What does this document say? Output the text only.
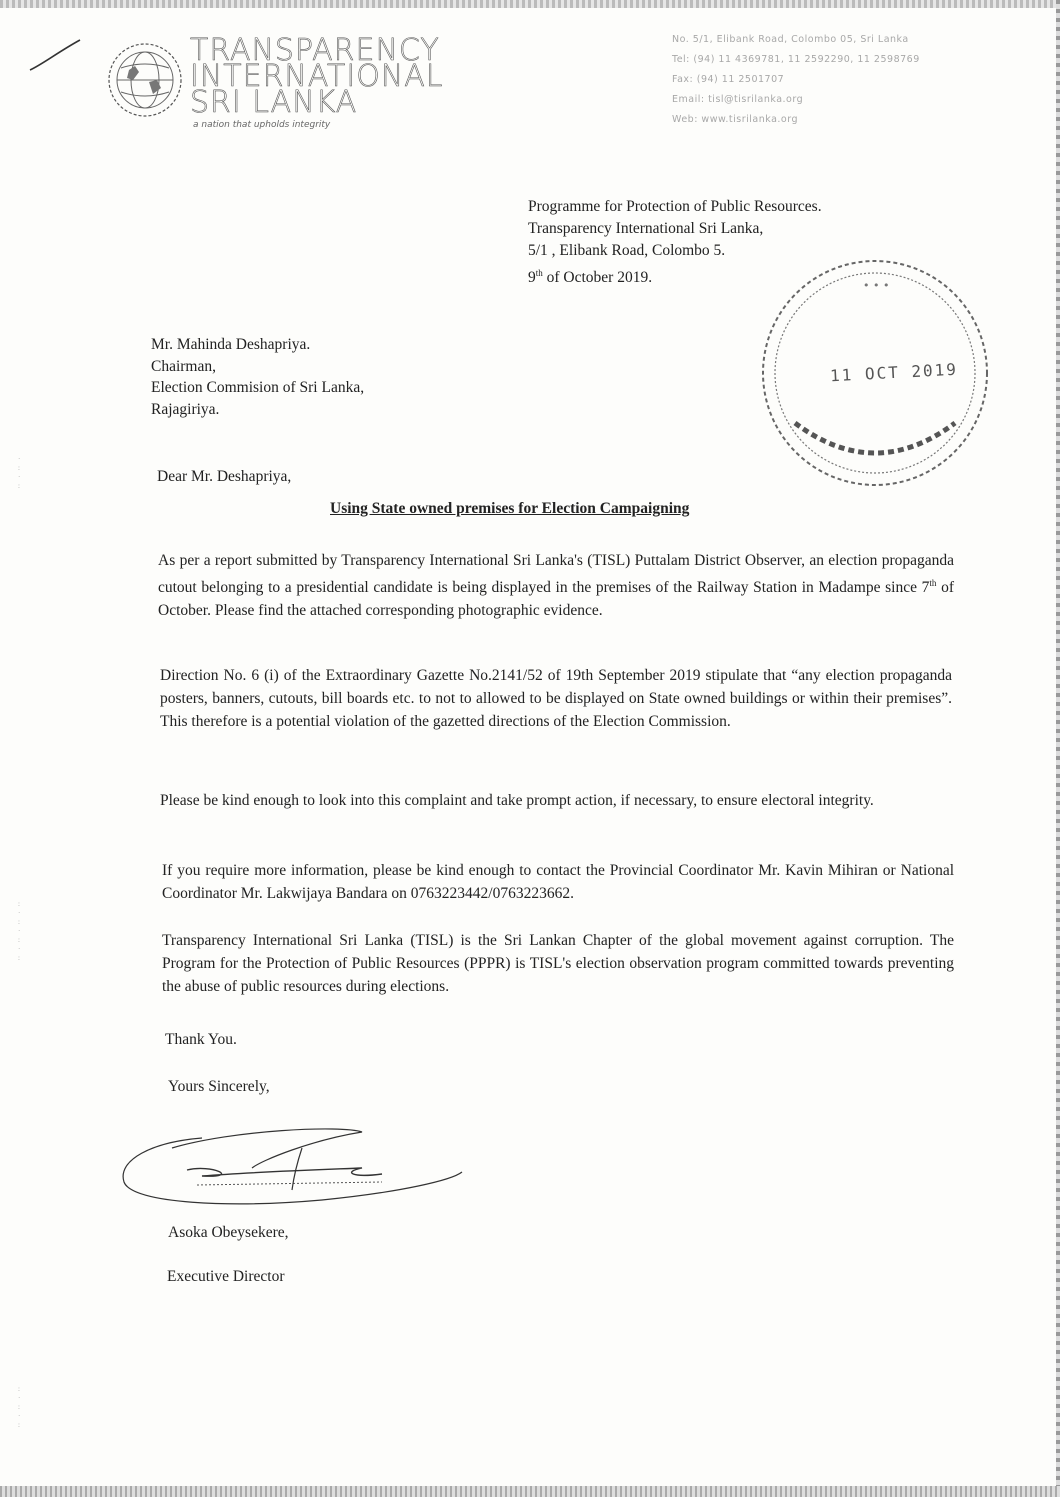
TRANSPARENCY
INTERNATIONAL
SRI LANKA
a nation that upholds integrity
No. 5/1, Elibank Road, Colombo 05, Sri Lanka
Tel: (94) 11 4369781, 11 2592290, 11 2598769
Fax: (94) 11 2501707
Email: tisl@tisrilanka.org
Web: www.tisrilanka.org
Programme for Protection of Public Resources.
Transparency International Sri Lanka,
5/1 , Elibank Road, Colombo 5.
9th of October 2019.	• • •
11 OCT 2019
Mr. Mahinda Deshapriya.
Chairman,
Election Commision of Sri Lanka,
Rajagiriya.
Dear Mr. Deshapriya,
Using State owned premises for Election Campaigning

As per a report submitted by Transparency International Sri Lanka's (TISL) Puttalam District Observer, an election propaganda cutout belonging to a presidential candidate is being displayed in the premises of the Railway Station in Madampe since 7th of October. Please find the attached corresponding photographic evidence.

Direction No. 6 (i) of the Extraordinary Gazette No.2141/52 of 19th September 2019 stipulate that “any election propaganda posters, banners, cutouts, bill boards etc. to not to allowed to be displayed on State owned buildings or within their premises”. This therefore is a potential violation of the gazetted directions of the Election Commission.

Please be kind enough to look into this complaint and take prompt action, if necessary, to ensure electoral integrity.

If you require more information, please be kind enough to contact the Provincial Coordinator Mr. Kavin Mihiran or National Coordinator Mr. Lakwijaya Bandara on 0763223442/0763223662.

Transparency International Sri Lanka (TISL) is the Sri Lankan Chapter of the global movement against corruption. The Program for the Protection of Public Resources (PPPR) is TISL's election observation program committed towards preventing the abuse of public resources during elections.

Thank You.
Yours Sincerely,
Asoka Obeysekere,
Executive Director
·
:
·
:
:
·
:
·
:
·
:
:
·
:
·
:
